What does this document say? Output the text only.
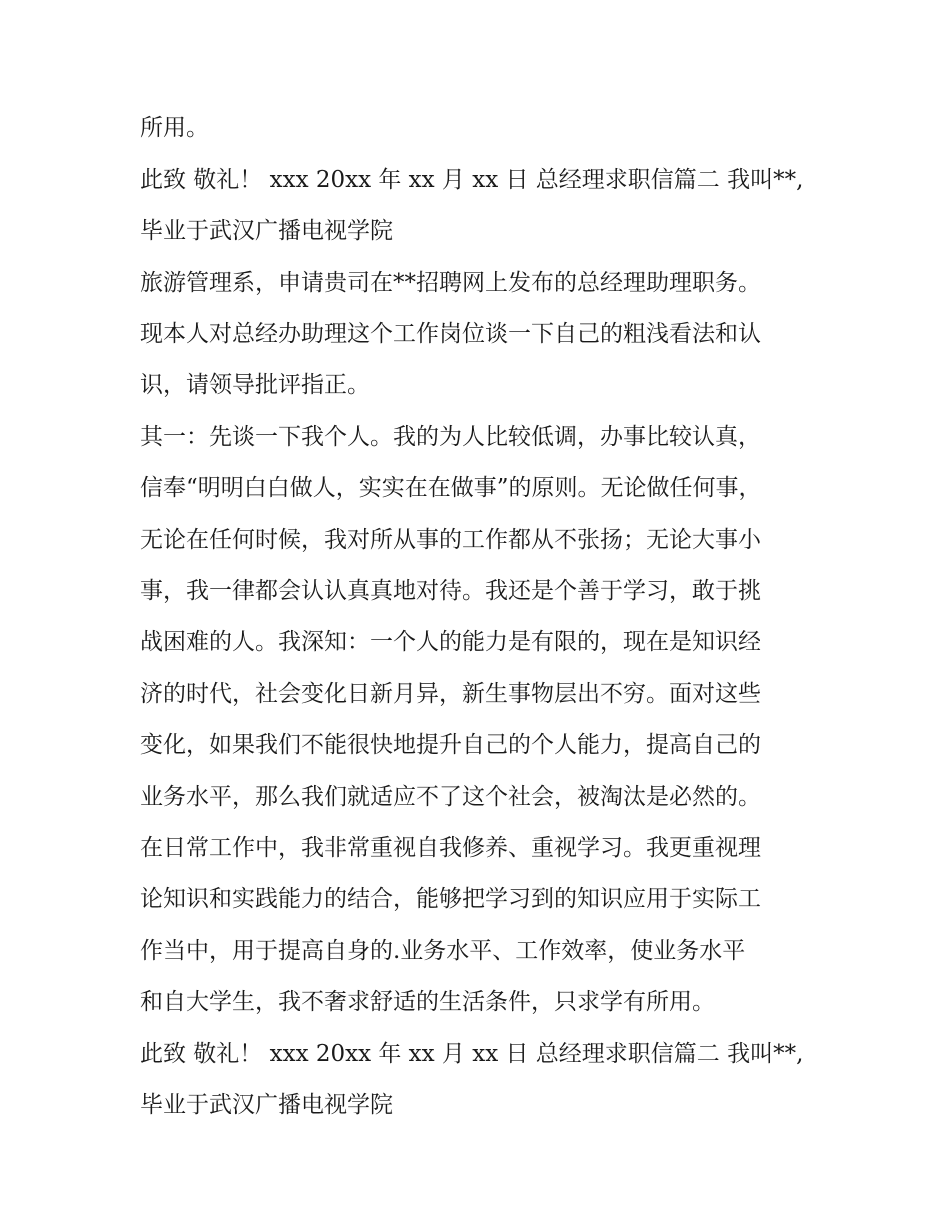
所用。

此致 敬礼！ xxx 20xx 年 xx 月 xx 日 总经理求职信篇二 我叫**,

毕业于武汉广播电视学院

旅游管理系，申请贵司在**招聘网上发布的总经理助理职务。

现本人对总经办助理这个工作岗位谈一下自己的粗浅看法和认

识，请领导批评指正。

其一：先谈一下我个人。我的为人比较低调，办事比较认真，

信奉“明明白白做人，实实在在做事”的原则。无论做任何事，

无论在任何时候，我对所从事的工作都从不张扬；无论大事小

事，我一律都会认认真真地对待。我还是个善于学习，敢于挑

战困难的人。我深知：一个人的能力是有限的，现在是知识经

济的时代，社会变化日新月异，新生事物层出不穷。面对这些

变化，如果我们不能很快地提升自己的个人能力，提高自己的

业务水平，那么我们就适应不了这个社会，被淘汰是必然的。

在日常工作中，我非常重视自我修养、重视学习。我更重视理

论知识和实践能力的结合，能够把学习到的知识应用于实际工

作当中，用于提高自身的.业务水平、工作效率，使业务水平

和自大学生，我不奢求舒适的生活条件，只求学有所用。

此致 敬礼！ xxx 20xx 年 xx 月 xx 日 总经理求职信篇二 我叫**,

毕业于武汉广播电视学院
